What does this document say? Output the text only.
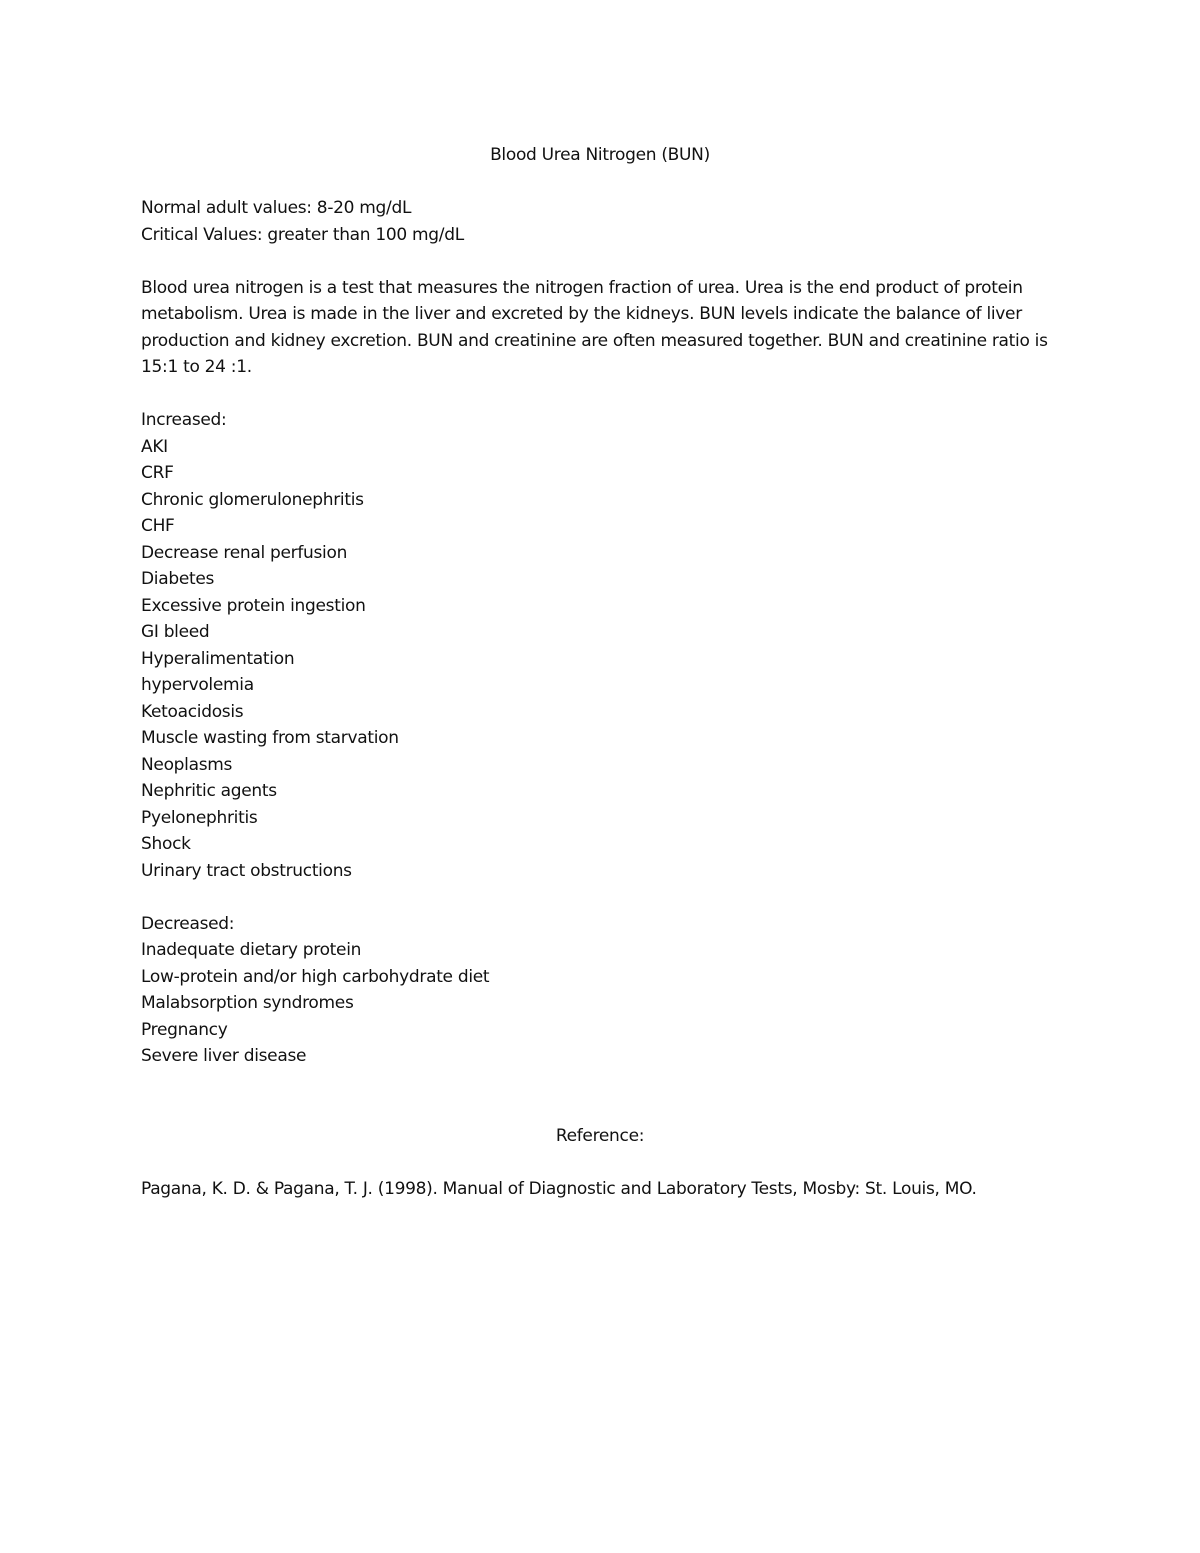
Blood Urea Nitrogen (BUN)

Normal adult values: 8-20 mg/dL

Critical Values: greater than 100 mg/dL

Blood urea nitrogen is a test that measures the nitrogen fraction of urea. Urea is the end product of protein metabolism. Urea is made in the liver and excreted by the kidneys. BUN levels indicate the balance of liver production and kidney excretion. BUN and creatinine are often measured together. BUN and creatinine ratio is 15:1 to 24 :1.

Increased:

AKI
CRF
Chronic glomerulonephritis
CHF
Decrease renal perfusion
Diabetes
Excessive protein ingestion
GI bleed
Hyperalimentation
hypervolemia
Ketoacidosis
Muscle wasting from starvation
Neoplasms
Nephritic agents
Pyelonephritis
Shock
Urinary tract obstructions

Decreased:

Inadequate dietary protein
Low-protein and/or high carbohydrate diet
Malabsorption syndromes
Pregnancy
Severe liver disease

Reference:

Pagana, K. D. & Pagana, T. J. (1998). Manual of Diagnostic and Laboratory Tests, Mosby: St. Louis, MO.
